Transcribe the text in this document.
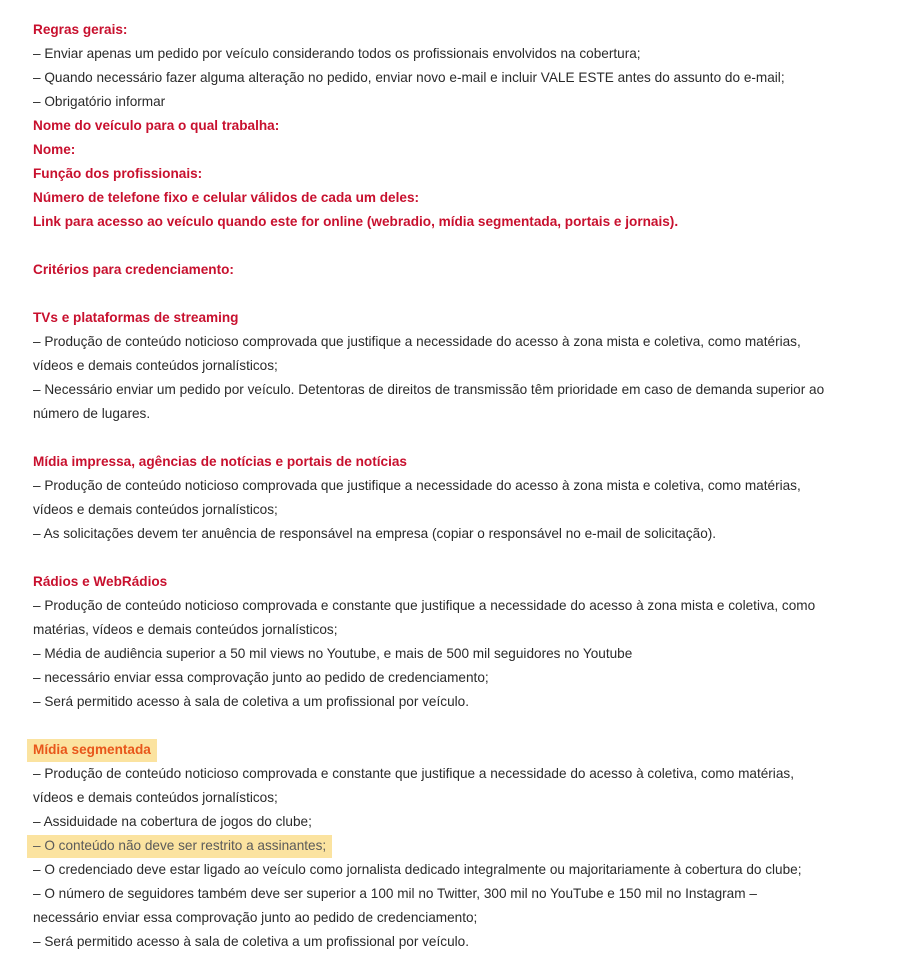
Regras gerais:
– Enviar apenas um pedido por veículo considerando todos os profissionais envolvidos na cobertura;
– Quando necessário fazer alguma alteração no pedido, enviar novo e-mail e incluir VALE ESTE antes do assunto do e-mail;
– Obrigatório informar
Nome do veículo para o qual trabalha:
Nome:
Função dos profissionais:
Número de telefone fixo e celular válidos de cada um deles:
Link para acesso ao veículo quando este for online (webradio, mídia segmentada, portais e jornais).
Critérios para credenciamento:
TVs e plataformas de streaming
– Produção de conteúdo noticioso comprovada que justifique a necessidade do acesso à zona mista e coletiva, como matérias,
vídeos e demais conteúdos jornalísticos;
– Necessário enviar um pedido por veículo. Detentoras de direitos de transmissão têm prioridade em caso de demanda superior ao
número de lugares.
Mídia impressa, agências de notícias e portais de notícias
– Produção de conteúdo noticioso comprovada que justifique a necessidade do acesso à zona mista e coletiva, como matérias,
vídeos e demais conteúdos jornalísticos;
– As solicitações devem ter anuência de responsável na empresa (copiar o responsável no e-mail de solicitação).
Rádios e WebRádios
– Produção de conteúdo noticioso comprovada e constante que justifique a necessidade do acesso à zona mista e coletiva, como
matérias, vídeos e demais conteúdos jornalísticos;
– Média de audiência superior a 50 mil views no Youtube, e mais de 500 mil seguidores no Youtube
– necessário enviar essa comprovação junto ao pedido de credenciamento;
– Será permitido acesso à sala de coletiva a um profissional por veículo.
Mídia segmentada
– Produção de conteúdo noticioso comprovada e constante que justifique a necessidade do acesso à coletiva, como matérias,
vídeos e demais conteúdos jornalísticos;
– Assiduidade na cobertura de jogos do clube;
– O conteúdo não deve ser restrito a assinantes;
– O credenciado deve estar ligado ao veículo como jornalista dedicado integralmente ou majoritariamente à cobertura do clube;
– O número de seguidores também deve ser superior a 100 mil no Twitter, 300 mil no YouTube e 150 mil no Instagram –
necessário enviar essa comprovação junto ao pedido de credenciamento;
– Será permitido acesso à sala de coletiva a um profissional por veículo.
